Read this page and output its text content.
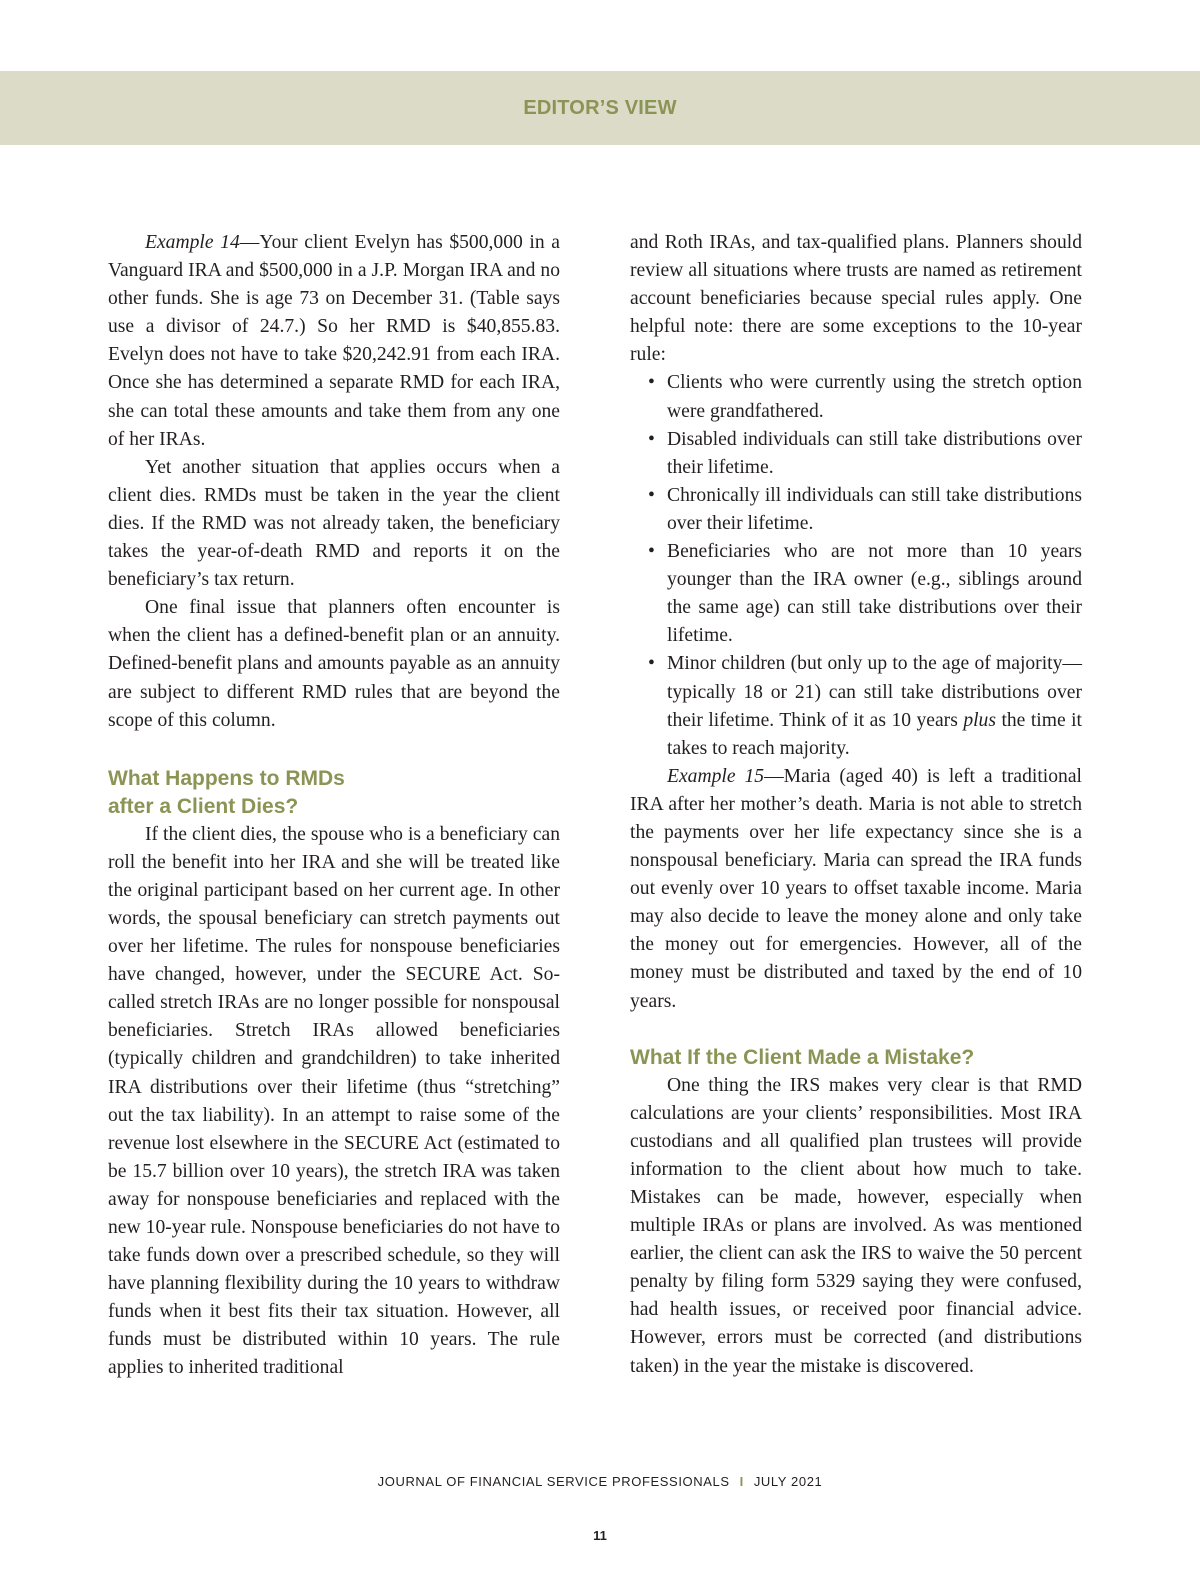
EDITOR’S VIEW

Example 14—Your client Evelyn has $500,000 in a Vanguard IRA and $500,000 in a J.P. Morgan IRA and no other funds. She is age 73 on December 31. (Table says use a divisor of 24.7.) So her RMD is $40,855.83. Evelyn does not have to take $20,242.91 from each IRA. Once she has determined a separate RMD for each IRA, she can total these amounts and take them from any one of her IRAs.

Yet another situation that applies occurs when a client dies. RMDs must be taken in the year the client dies. If the RMD was not already taken, the beneficiary takes the year-of-death RMD and reports it on the beneficiary’s tax return.

One final issue that planners often encounter is when the client has a defined-benefit plan or an annuity. Defined-benefit plans and amounts payable as an annuity are subject to different RMD rules that are beyond the scope of this column.

What Happens to RMDs
after a Client Dies?

If the client dies, the spouse who is a beneficiary can roll the benefit into her IRA and she will be treated like the original participant based on her current age. In other words, the spousal beneficiary can stretch payments out over her lifetime. The rules for nonspouse beneficiaries have changed, however, under the SECURE Act. So-called stretch IRAs are no longer possible for nonspousal beneficiaries. Stretch IRAs allowed beneficiaries (typically children and grandchildren) to take inherited IRA distributions over their lifetime (thus “stretching” out the tax liability). In an attempt to raise some of the revenue lost elsewhere in the SECURE Act (estimated to be 15.7 billion over 10 years), the stretch IRA was taken away for nonspouse beneficiaries and replaced with the new 10-year rule. Nonspouse beneficiaries do not have to take funds down over a prescribed schedule, so they will have planning flexibility during the 10 years to withdraw funds when it best fits their tax situation. However, all funds must be distributed within 10 years. The rule applies to inherited traditional

and Roth IRAs, and tax-qualified plans. Planners should review all situations where trusts are named as retirement account beneficiaries because special rules apply. One helpful note: there are some exceptions to the 10-year rule:

• Clients who were currently using the stretch option were grandfathered.
• Disabled individuals can still take distributions over their lifetime.
• Chronically ill individuals can still take distributions over their lifetime.
• Beneficiaries who are not more than 10 years younger than the IRA owner (e.g., siblings around the same age) can still take distributions over their lifetime.
• Minor children (but only up to the age of majority—typically 18 or 21) can still take distributions over their lifetime. Think of it as 10 years plus the time it takes to reach majority.

Example 15—Maria (aged 40) is left a traditional IRA after her mother’s death. Maria is not able to stretch the payments over her life expectancy since she is a nonspousal beneficiary. Maria can spread the IRA funds out evenly over 10 years to offset taxable income. Maria may also decide to leave the money alone and only take the money out for emergencies. However, all of the money must be distributed and taxed by the end of 10 years.

What If the Client Made a Mistake?

One thing the IRS makes very clear is that RMD calculations are your clients’ responsibilities. Most IRA custodians and all qualified plan trustees will provide information to the client about how much to take. Mistakes can be made, however, especially when multiple IRAs or plans are involved. As was mentioned earlier, the client can ask the IRS to waive the 50 percent penalty by filing form 5329 saying they were confused, had health issues, or received poor financial advice. However, errors must be corrected (and distributions taken) in the year the mistake is discovered.

JOURNAL OF FINANCIAL SERVICE PROFESSIONALS I JULY 2021
11
